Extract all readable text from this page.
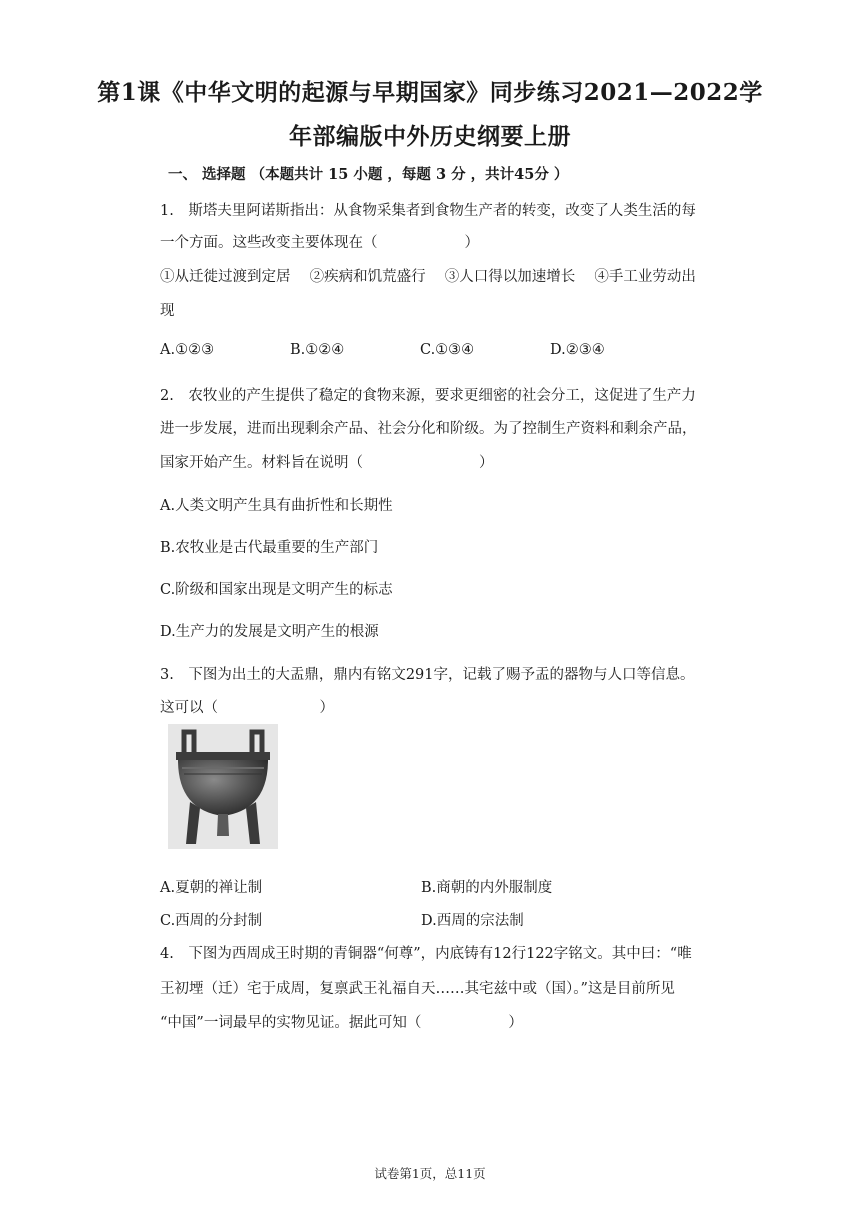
第1课《中华文明的起源与早期国家》同步练习2021—2022学
年部编版中外历史纲要上册
一、 选择题 （本题共计 15 小题 ，每题 3 分 ，共计45分 ）
1.　斯塔夫里阿诺斯指出：从食物采集者到食物生产者的转变，改变了人类生活的每
一个方面。这些改变主要体现在（　　　　　　）
①从迁徙过渡到定居　 ②疾病和饥荒盛行　 ③人口得以加速增长　 ④手工业劳动出
现
A.①②③	B.①②④	C.①③④	D.②③④
2.　农牧业的产生提供了稳定的食物来源，要求更细密的社会分工，这促进了生产力
进一步发展，进而出现剩余产品、社会分化和阶级。为了控制生产资料和剩余产品，
国家开始产生。材料旨在说明（　　　　　　　　）
A.人类文明产生具有曲折性和长期性
B.农牧业是古代最重要的生产部门
C.阶级和国家出现是文明产生的标志
D.生产力的发展是文明产生的根源
3.　下图为出土的大盂鼎，鼎内有铭文291字，记载了赐予盂的器物与人口等信息。
这可以（　　　　　　　）
A.夏朝的禅让制	B.商朝的内外服制度
C.西周的分封制	D.西周的宗法制
4.　下图为西周成王时期的青铜器“何尊”，内底铸有12行122字铭文。其中曰：“唯
王初堙（迁）宅于成周，复禀武王礼福自天……其宅兹中或（国）。”这是目前所见
“中国”一词最早的实物见证。据此可知（　　　　　　）
试卷第1页，总11页
